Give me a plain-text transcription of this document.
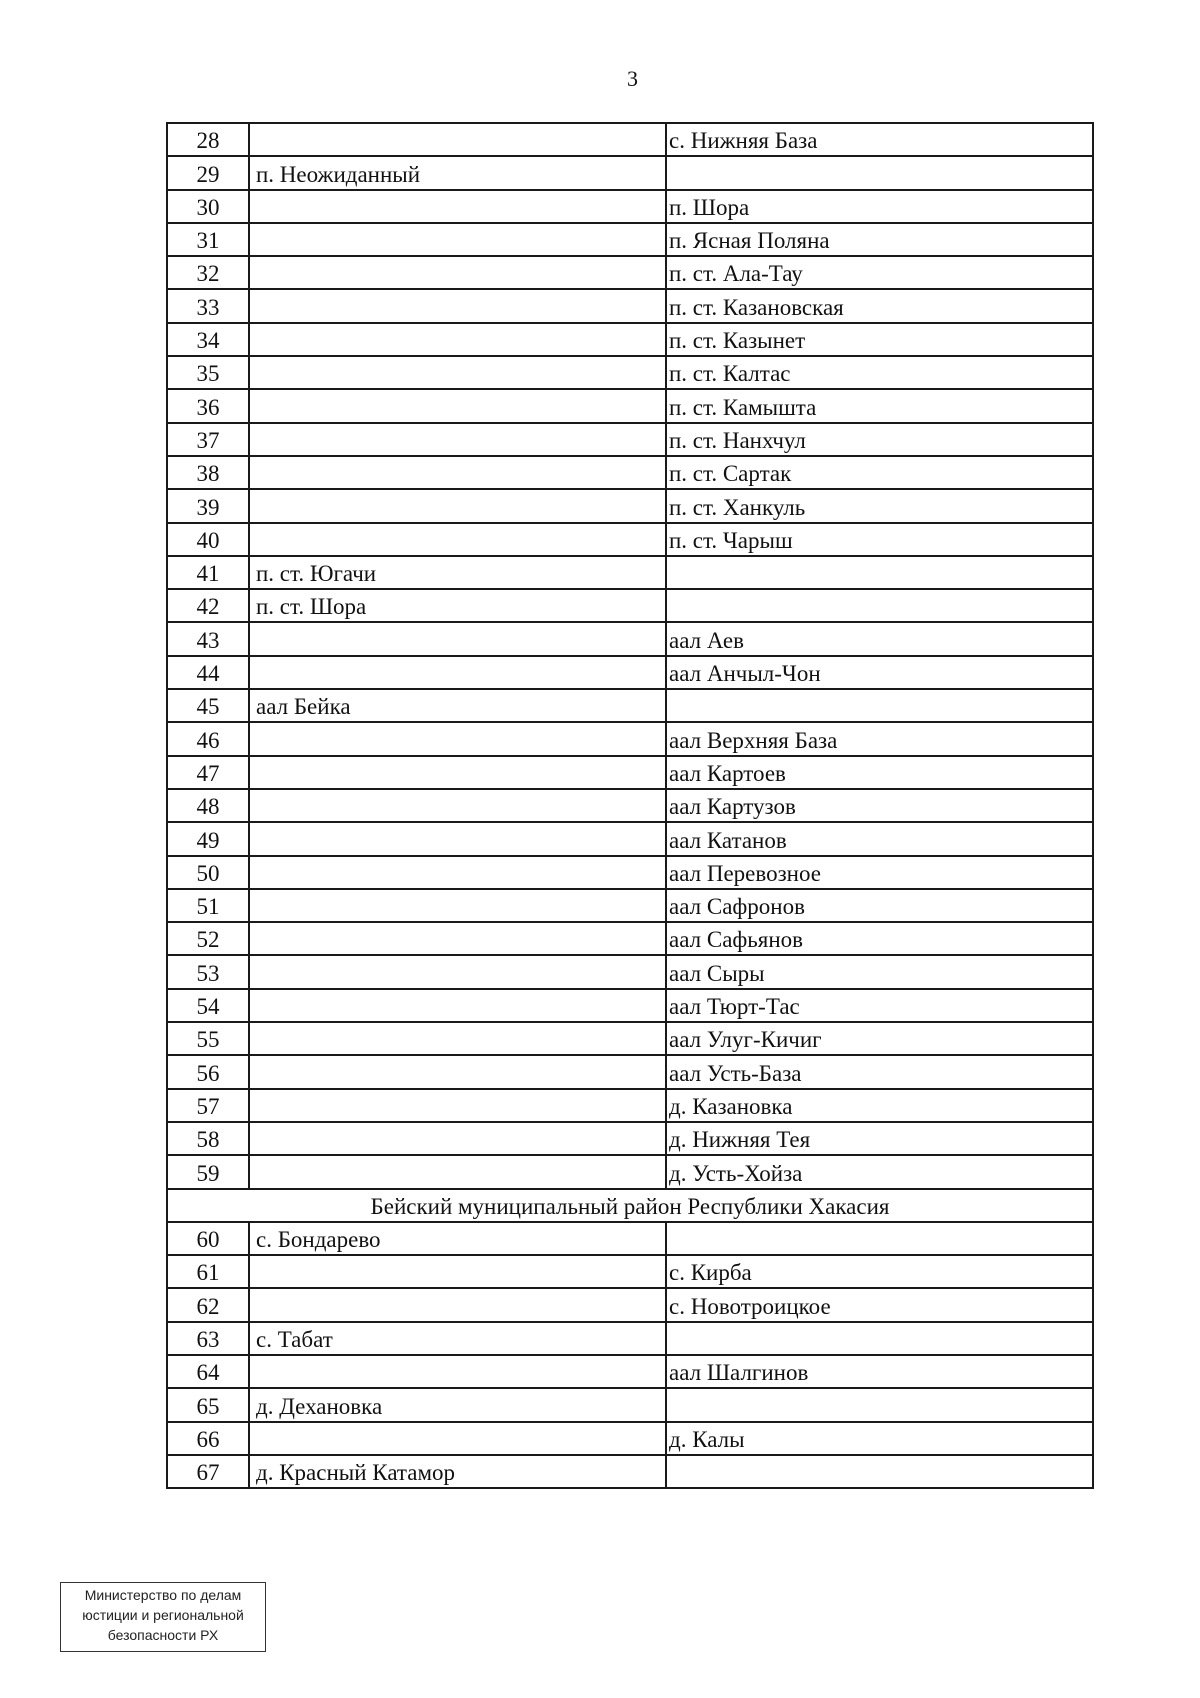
3
28		с. Нижняя База
29	п. Неожиданный	
30		п. Шора
31		п. Ясная Поляна
32		п. ст. Ала-Тау
33		п. ст. Казановская
34		п. ст. Казынет
35		п. ст. Калтас
36		п. ст. Камышта
37		п. ст. Нанхчул
38		п. ст. Сартак
39		п. ст. Ханкуль
40		п. ст. Чарыш
41	п. ст. Югачи	
42	п. ст. Шора	
43		аал Аев
44		аал Анчыл-Чон
45	аал Бейка	
46		аал Верхняя База
47		аал Картоев
48		аал Картузов
49		аал Катанов
50		аал Перевозное
51		аал Сафронов
52		аал Сафьянов
53		аал Сыры
54		аал Тюрт-Тас
55		аал Улуг-Кичиг
56		аал Усть-База
57		д. Казановка
58		д. Нижняя Тея
59		д. Усть-Хойза
Бейский муниципальный район Республики Хакасия		
60	с. Бондарево	
61		с. Кирба
62		с. Новотроицкое
63	с. Табат	
64		аал Шалгинов
65	д. Дехановка	
66		д. Калы
67	д. Красный Катамор	
Министерство по делам
юстиции и региональной
безопасности РХ
